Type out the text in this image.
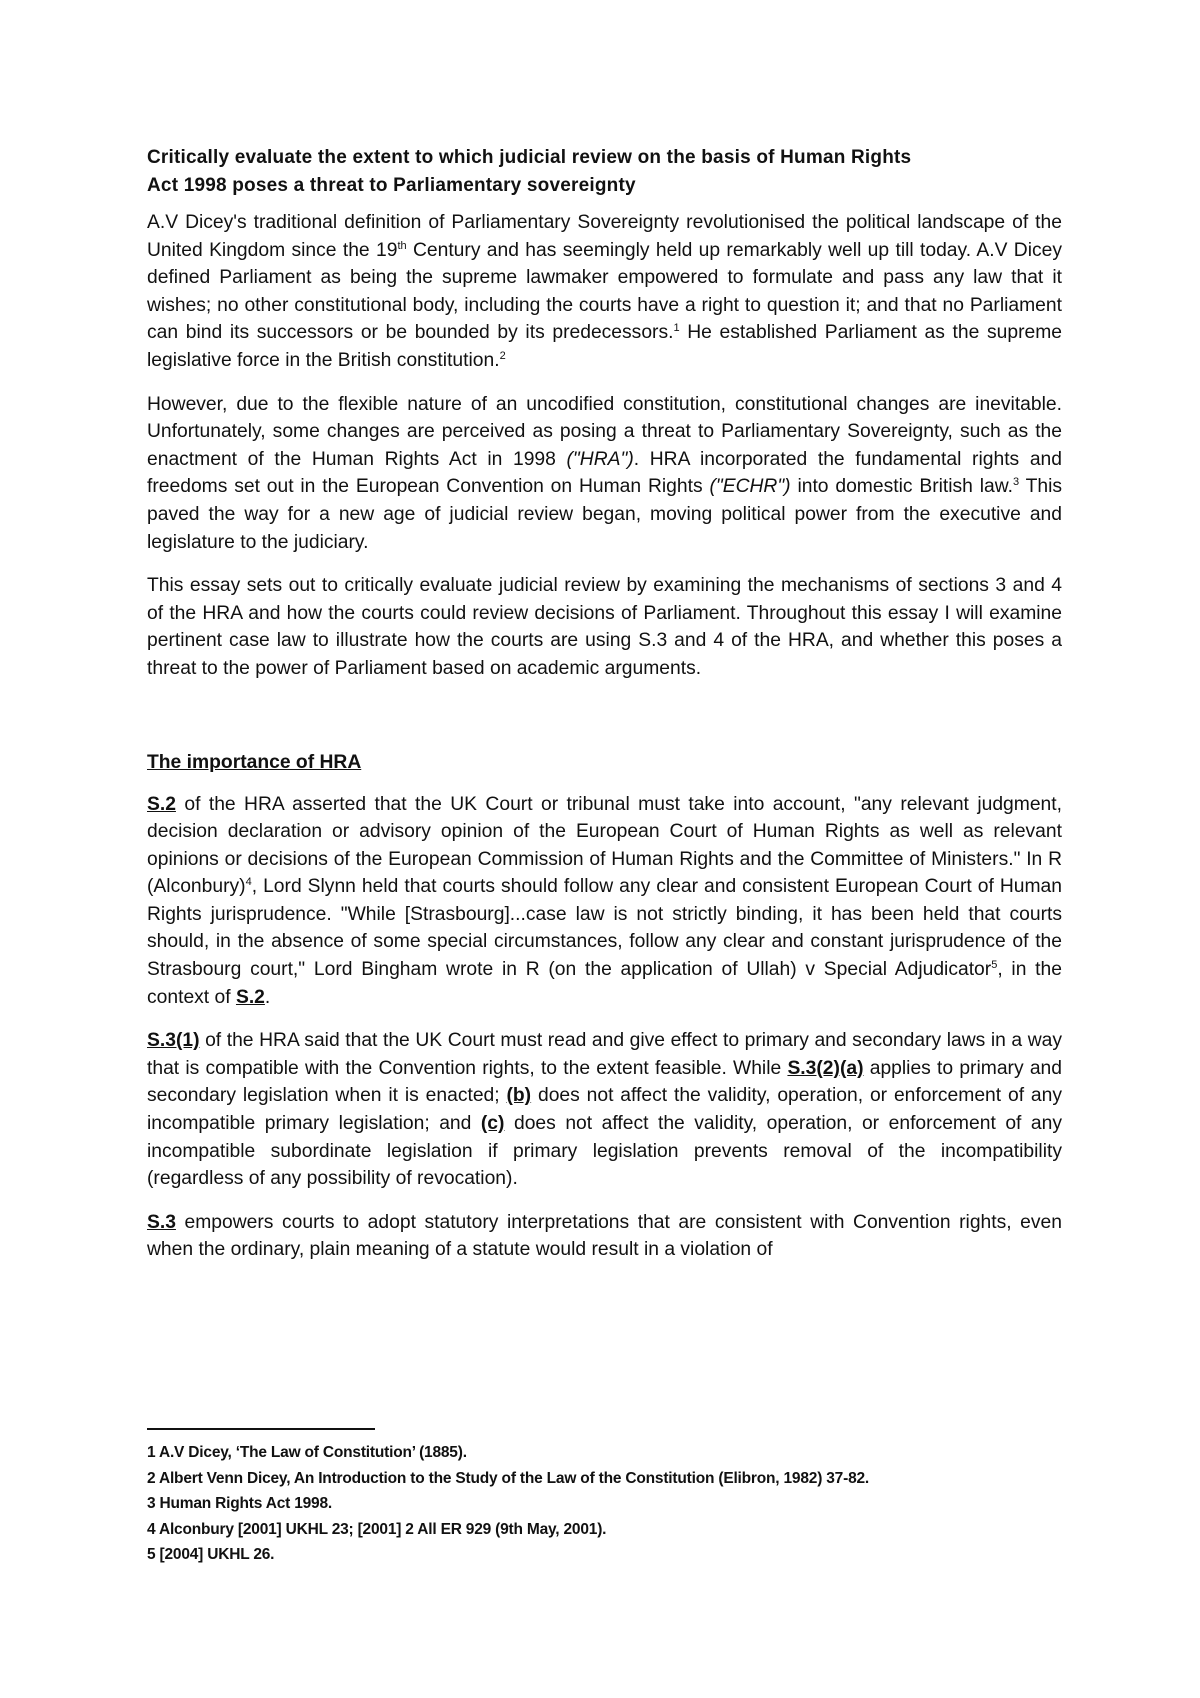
Critically evaluate the extent to which judicial review on the basis of Human Rights
Act 1998 poses a threat to Parliamentary sovereignty

A.V Dicey's traditional definition of Parliamentary Sovereignty revolutionised the political landscape of the United Kingdom since the 19th Century and has seemingly held up remarkably well up till today. A.V Dicey defined Parliament as being the supreme lawmaker empowered to formulate and pass any law that it wishes; no other constitutional body, including the courts have a right to question it; and that no Parliament can bind its successors or be bounded by its predecessors.$^1$ He established Parliament as the supreme legislative force in the British constitution.$^2$

However, due to the flexible nature of an uncodified constitution, constitutional changes are inevitable. Unfortunately, some changes are perceived as posing a threat to Parliamentary Sovereignty, such as the enactment of the Human Rights Act in 1998 ("HRA"). HRA incorporated the fundamental rights and freedoms set out in the European Convention on Human Rights ("ECHR") into domestic British law.$^3$ This paved the way for a new age of judicial review began, moving political power from the executive and legislature to the judiciary.

This essay sets out to critically evaluate judicial review by examining the mechanisms of sections 3 and 4 of the HRA and how the courts could review decisions of Parliament. Throughout this essay I will examine pertinent case law to illustrate how the courts are using S.3 and 4 of the HRA, and whether this poses a threat to the power of Parliament based on academic arguments.

The importance of HRA

S.2 of the HRA asserted that the UK Court or tribunal must take into account, "any relevant judgment, decision declaration or advisory opinion of the European Court of Human Rights as well as relevant opinions or decisions of the European Commission of Human Rights and the Committee of Ministers." In R (Alconbury)$^4$, Lord Slynn held that courts should follow any clear and consistent European Court of Human Rights jurisprudence. "While [Strasbourg]...case law is not strictly binding, it has been held that courts should, in the absence of some special circumstances, follow any clear and constant jurisprudence of the Strasbourg court," Lord Bingham wrote in R (on the application of Ullah) v Special Adjudicator$^5$, in the context of S.2.

S.3(1) of the HRA said that the UK Court must read and give effect to primary and secondary laws in a way that is compatible with the Convention rights, to the extent feasible. While S.3(2)(a) applies to primary and secondary legislation when it is enacted; (b) does not affect the validity, operation, or enforcement of any incompatible primary legislation; and (c) does not affect the validity, operation, or enforcement of any incompatible subordinate legislation if primary legislation prevents removal of the incompatibility (regardless of any possibility of revocation).

S.3 empowers courts to adopt statutory interpretations that are consistent with Convention rights, even when the ordinary, plain meaning of a statute would result in a violation of

1 A.V Dicey, ‘The Law of Constitution’ (1885).
2 Albert Venn Dicey, An Introduction to the Study of the Law of the Constitution (Elibron, 1982) 37-82.
3 Human Rights Act 1998.
4 Alconbury [2001] UKHL 23; [2001] 2 All ER 929 (9th May, 2001).
5 [2004] UKHL 26.
